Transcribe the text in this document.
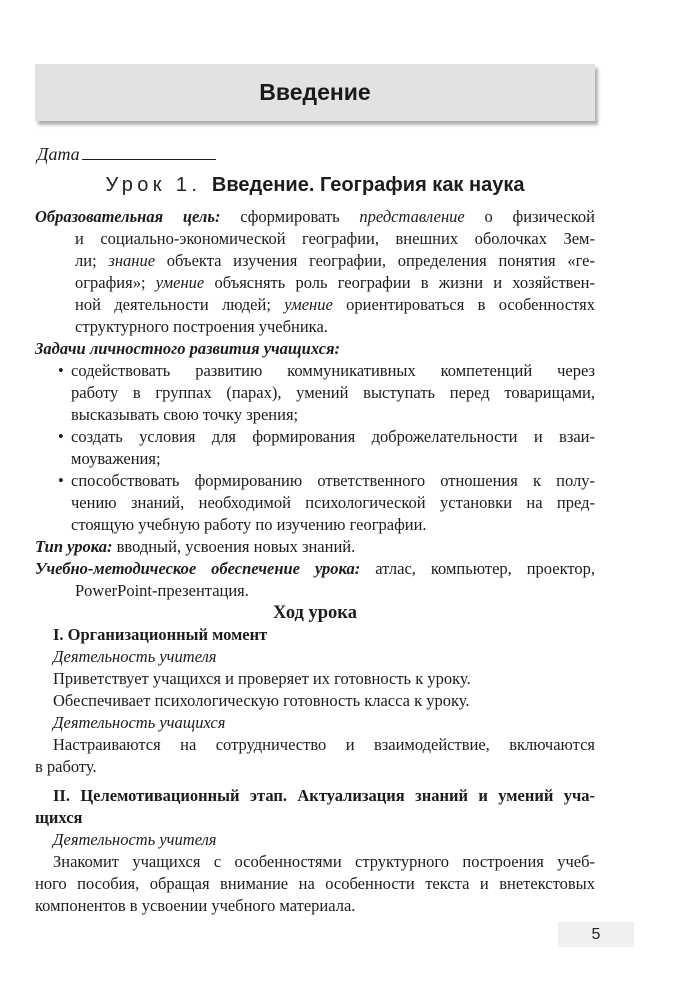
Введение
Дата
Урок 1. Введение. География как наука
Образовательная цель: сформировать представление о физической
и социально-экономической географии, внешних оболочках Зем-
ли; знание объекта изучения географии, определения понятия «ге-
ография»; умение объяснять роль географии в жизни и хозяйствен-
ной деятельности людей; умение ориентироваться в особенностях
структурного построения учебника.
Задачи личностного развития учащихся:
• содействовать развитию коммуникативных компетенций через
работу в группах (парах), умений выступать перед товарищами,
высказывать свою точку зрения;
• создать условия для формирования доброжелательности и взаи-
моуважения;
• способствовать формированию ответственного отношения к полу-
чению знаний, необходимой психологической установки на пред-
стоящую учебную работу по изучению географии.
Тип урока: вводный, усвоения новых знаний.
Учебно-методическое обеспечение урока: атлас, компьютер, проектор,
PowerPoint-презентация.
Ход урока
I. Организационный момент
Деятельность учителя
Приветствует учащихся и проверяет их готовность к уроку.
Обеспечивает психологическую готовность класса к уроку.
Деятельность учащихся
Настраиваются на сотрудничество и взаимодействие, включаются
в работу.
II. Целемотивационный этап. Актуализация знаний и умений уча-
щихся
Деятельность учителя
Знакомит учащихся с особенностями структурного построения учеб-
ного пособия, обращая внимание на особенности текста и внетекстовых
компонентов в усвоении учебного материала.
5
